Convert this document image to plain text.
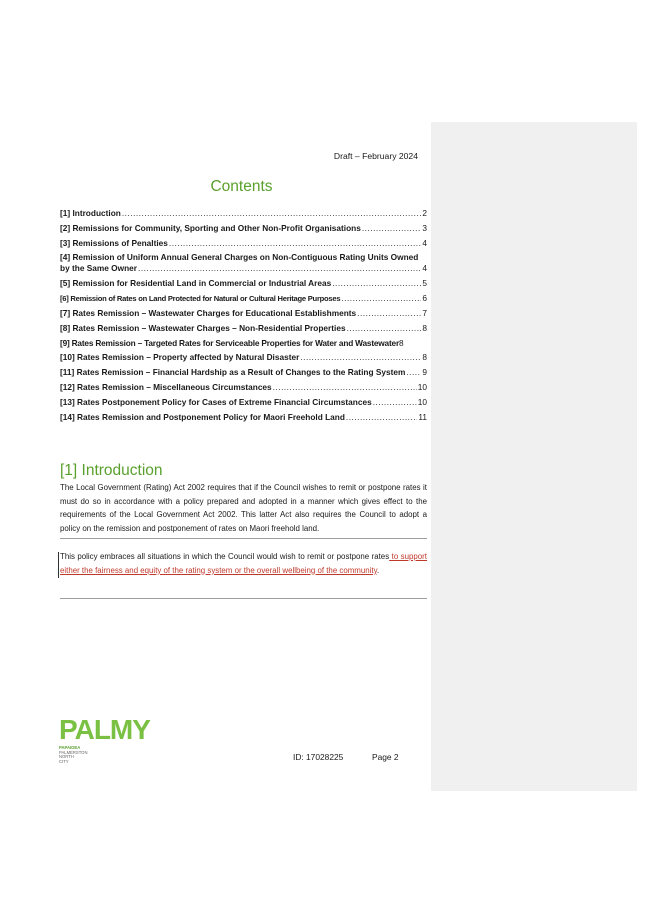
Draft – February 2024
Contents
[1] Introduction .....	2
[2] Remissions for Community, Sporting and Other Non-Profit Organisations .....	3
[3] Remissions of Penalties .....	4
[4] Remission of Uniform Annual General Charges on Non-Contiguous Rating Units Owned
by the Same Owner .....	4
[5] Remission for Residential Land in Commercial or Industrial Areas .....	5
[6] Remission of Rates on Land Protected for Natural or Cultural Heritage Purposes .....	6
[7] Rates Remission – Wastewater Charges for Educational Establishments .....	7
[8] Rates Remission – Wastewater Charges – Non-Residential Properties .....	8
[9] Rates Remission – Targeted Rates for Serviceable Properties for Water and Wastewater 8
[10] Rates Remission – Property affected by Natural Disaster .....	8
[11] Rates Remission – Financial Hardship as a Result of Changes to the Rating System ..... 9
[12] Rates Remission – Miscellaneous Circumstances .....	10
[13] Rates Postponement Policy for Cases of Extreme Financial Circumstances .....	10
[14] Rates Remission and Postponement Policy for Maori Freehold Land .....	11
[1] Introduction
The Local Government (Rating) Act 2002 requires that if the Council wishes to remit or postpone rates it must do so in accordance with a policy prepared and adopted in a manner which gives effect to the requirements of the Local Government Act 2002. This latter Act also requires the Council to adopt a policy on the remission and postponement of rates on Maori freehold land.
This policy embraces all situations in which the Council would wish to remit or postpone rates to support either the fairness and equity of the rating system or the overall wellbeing of the community.
PALMY
PAPAIOEA
PALMERSTON
NORTH
CITY	ID: 17028225	Page 2
